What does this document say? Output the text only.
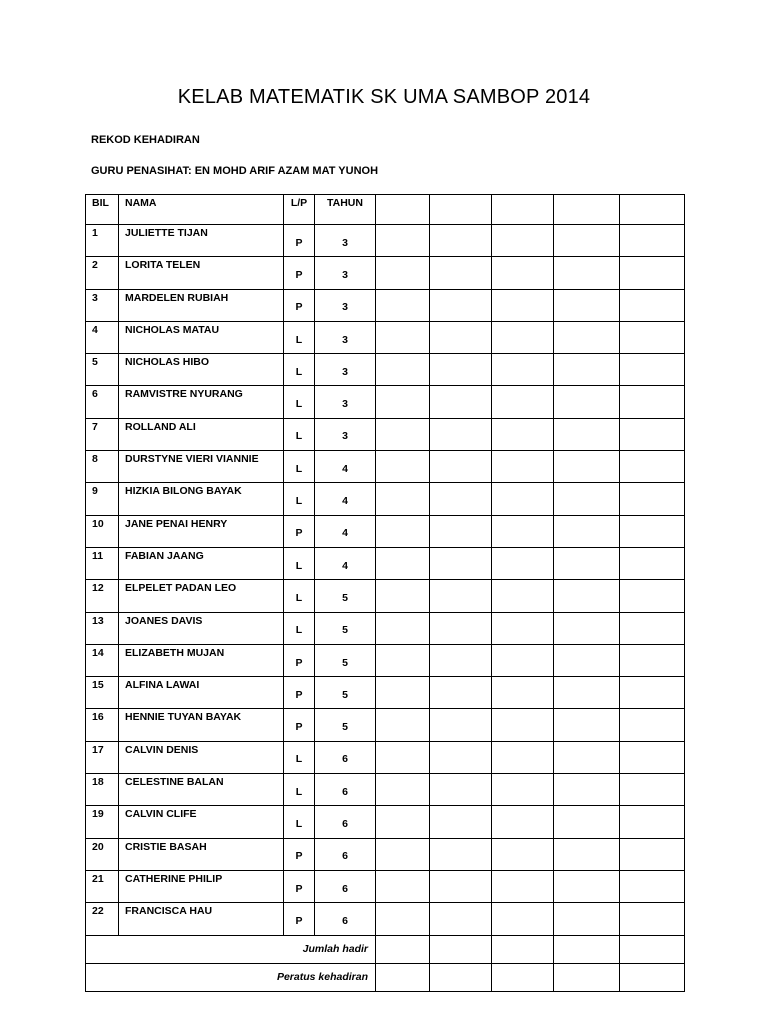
KELAB MATEMATIK SK UMA SAMBOP 2014
REKOD KEHADIRAN
GURU PENASIHAT: EN MOHD ARIF AZAM MAT YUNOH
BIL	NAMA	L/P	TAHUN					
1	JULIETTE TIJAN	P	3					
2	LORITA TELEN	P	3					
3	MARDELEN RUBIAH	P	3					
4	NICHOLAS MATAU	L	3					
5	NICHOLAS HIBO	L	3					
6	RAMVISTRE NYURANG	L	3					
7	ROLLAND ALI	L	3					
8	DURSTYNE VIERI VIANNIE	L	4					
9	HIZKIA BILONG BAYAK	L	4					
10	JANE PENAI HENRY	P	4					
11	FABIAN JAANG	L	4					
12	ELPELET PADAN LEO	L	5					
13	JOANES DAVIS	L	5					
14	ELIZABETH MUJAN	P	5					
15	ALFINA LAWAI	P	5					
16	HENNIE TUYAN BAYAK	P	5					
17	CALVIN DENIS	L	6					
18	CELESTINE BALAN	L	6					
19	CALVIN CLIFE	L	6					
20	CRISTIE BASAH	P	6					
21	CATHERINE PHILIP	P	6					
22	FRANCISCA HAU	P	6					
Jumlah hadir								
Peratus kehadiran								
